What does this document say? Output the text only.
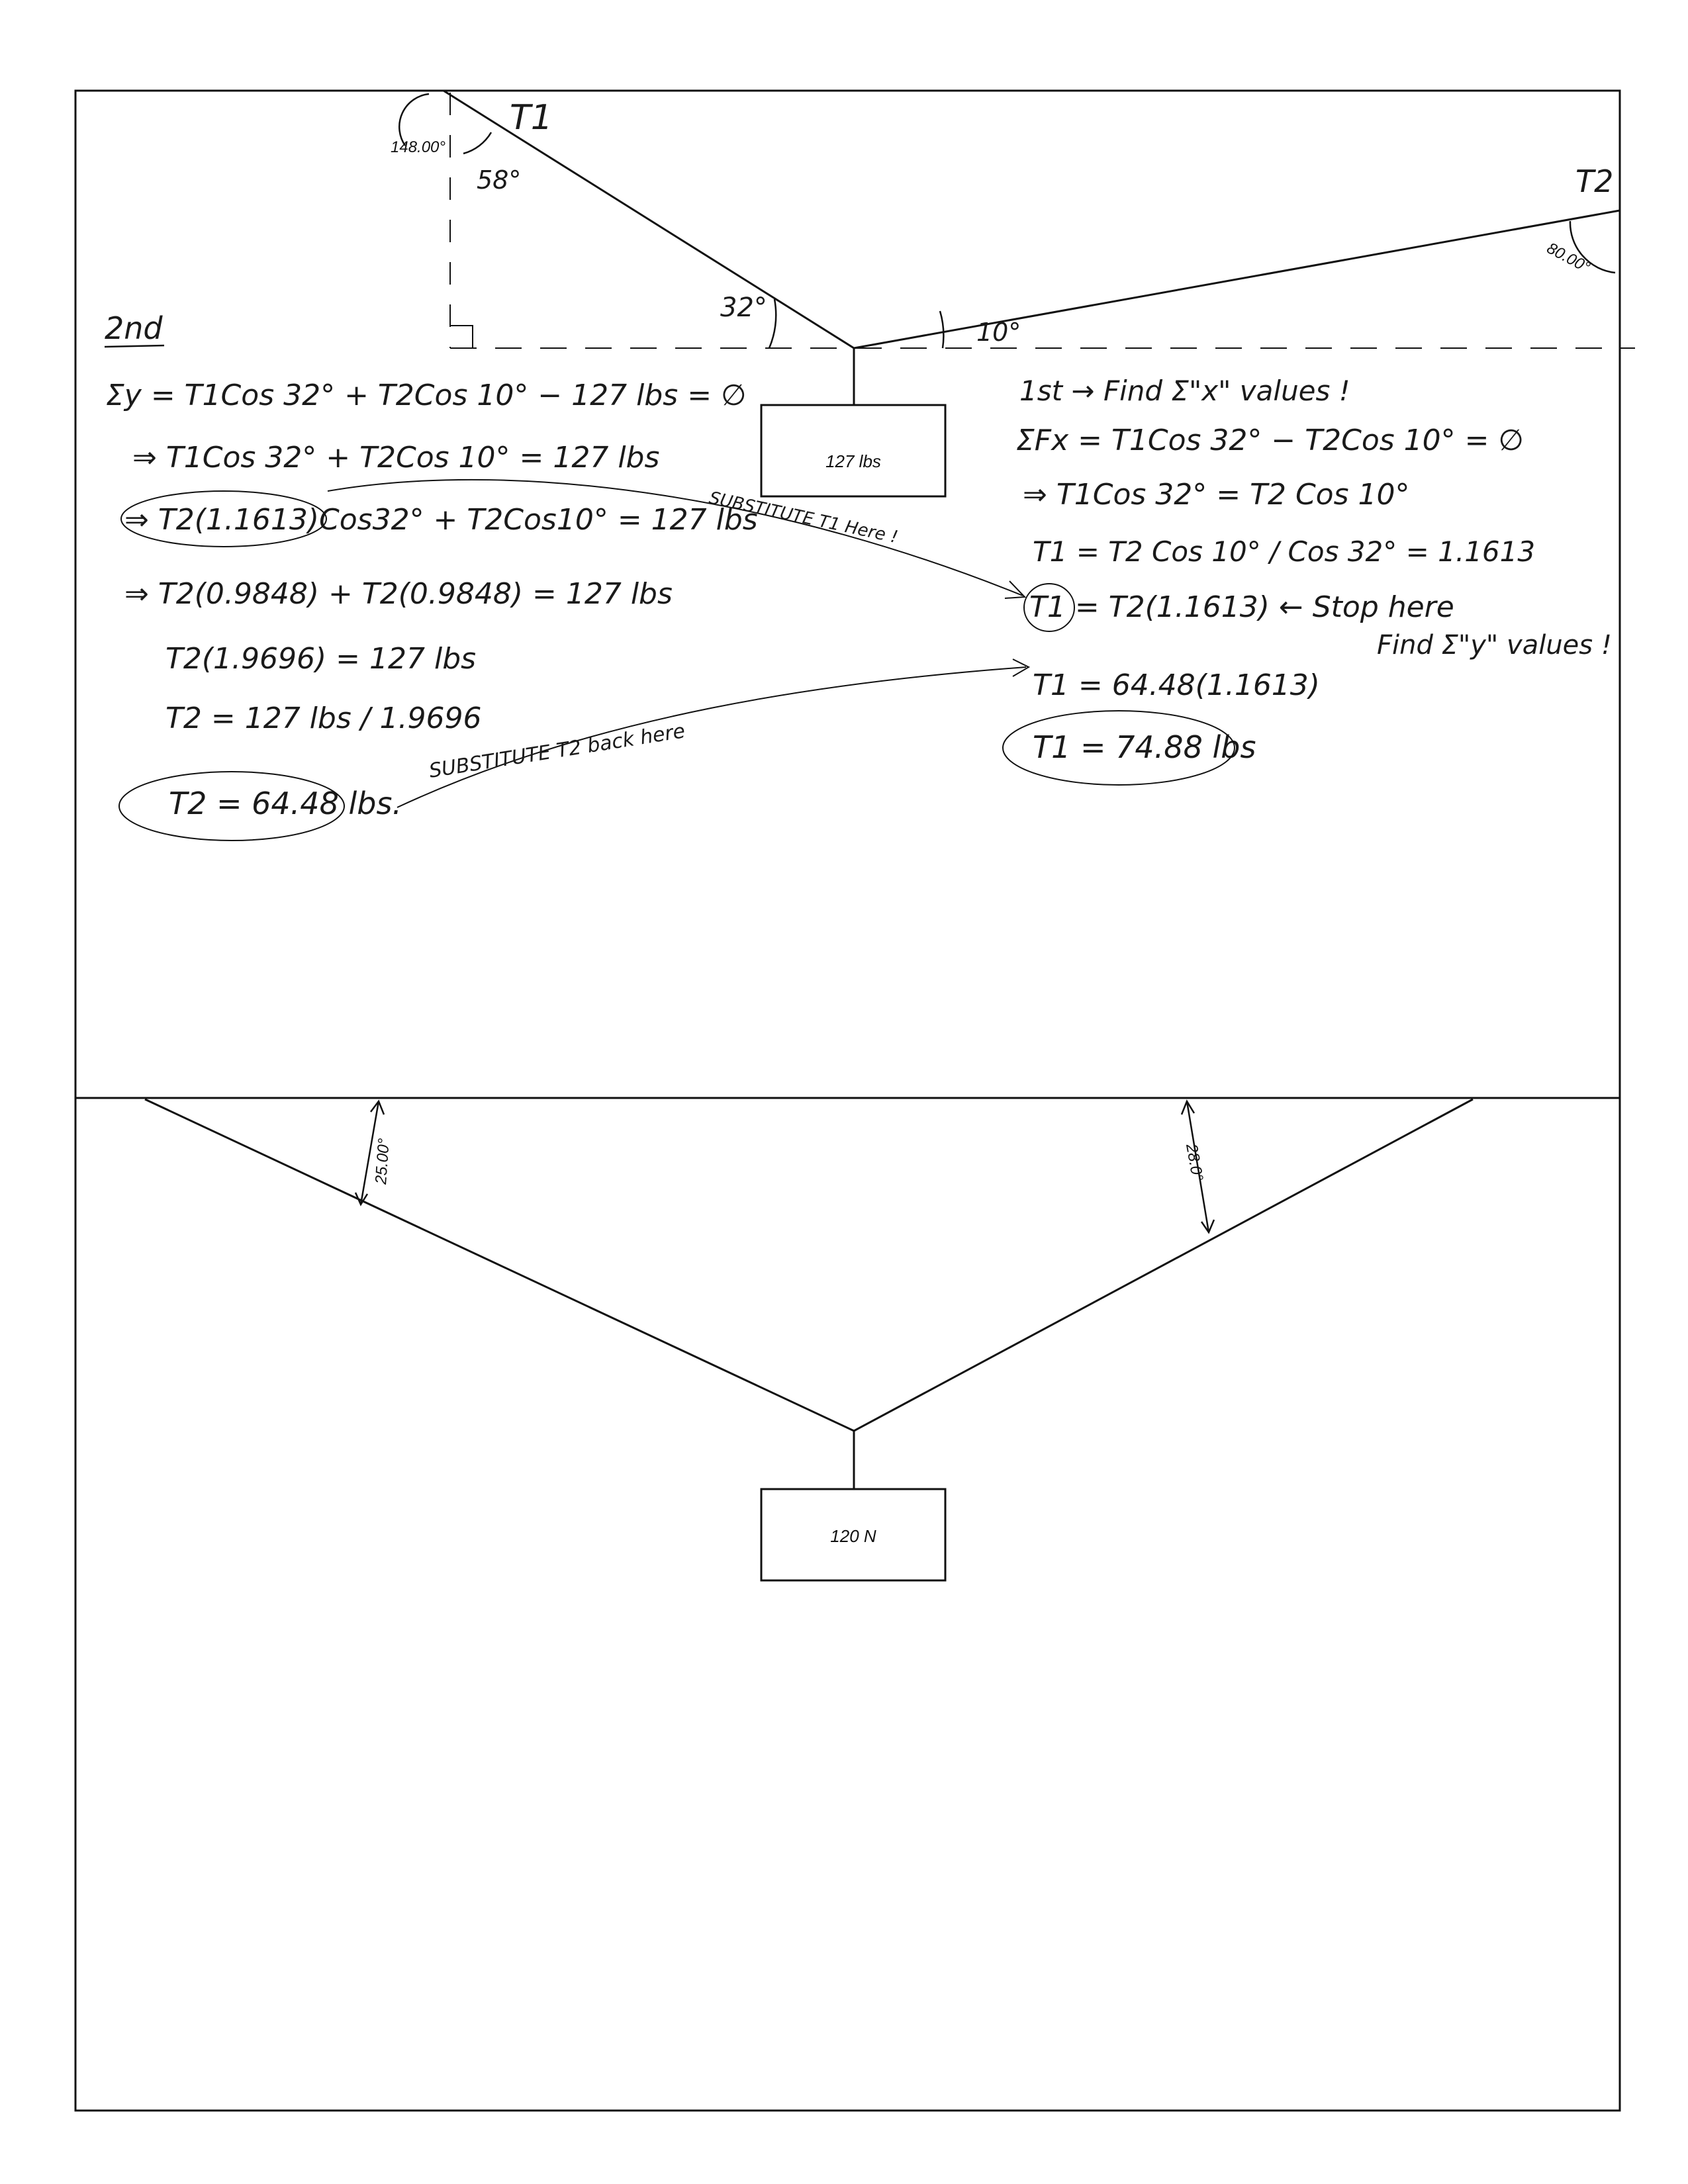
127 lbs
T1
T2
148.00°
58°
32°
10°
80.00°
2nd
Σy = T1Cos 32° + T2Cos 10° − 127 lbs = ∅
⇒ T1Cos 32° + T2Cos 10° = 127 lbs
⇒ T2(1.1613)Cos32° + T2Cos10° = 127 lbs
⇒ T2(0.9848) + T2(0.9848) = 127 lbs
T2(1.9696) = 127 lbs
T2 = 127 lbs / 1.9696
T2 = 64.48 lbs.
1st → Find Σ"x" values !
ΣFx = T1Cos 32° − T2Cos 10° = ∅
⇒ T1Cos 32° = T2 Cos 10°
T1 = T2 Cos 10° / Cos 32° = 1.1613
T1 = T2(1.1613) ← Stop here
Find Σ"y" values !
T1 = 64.48(1.1613)
T1 = 74.88 lbs
SUBSTITUTE T1 Here !
SUBSTITUTE T2 back here
120 N
25.00°	28.0°
